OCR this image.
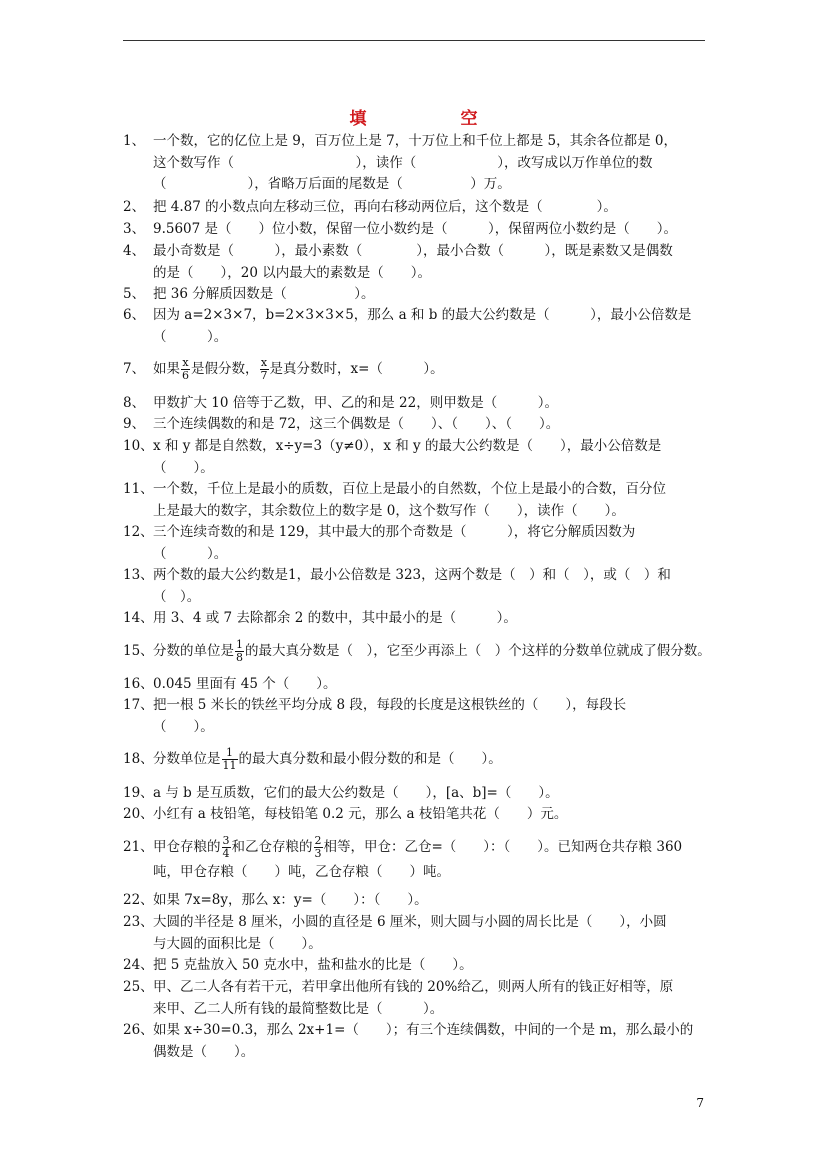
填 空
1、 一个数，它的亿位上是 9，百万位上是 7，十万位上和千位上都是 5，其余各位都是 0，
这个数写作（　　　　　　　　　），读作（　　　　　　），改写成以万作单位的数
（　　　　　　），省略万后面的尾数是（　　　　　）万。
2、 把 4.87 的小数点向左移动三位，再向右移动两位后，这个数是（　　　　）。
3、 9.5607 是（　　）位小数，保留一位小数约是（　　　），保留两位小数约是（　　）。
4、 最小奇数是（　　　），最小素数（　　　　），最小合数（　　　），既是素数又是偶数
的是（　　），20 以内最大的素数是（　　）。
5、 把 36 分解质因数是（　　　　　）。
6、 因为 a=2×3×7，b=2×3×3×5，那么 a 和 b 的最大公约数是（　　　），最小公倍数是
（　　　）。
7、 如果 $\frac{x}{6}$ 是假分数， $\frac{x}{7}$ 是真分数时，x=（　　　）。
8、 甲数扩大 10 倍等于乙数，甲、乙的和是 22，则甲数是（　　　）。
9、 三个连续偶数的和是 72，这三个偶数是（　　）、（　　）、（　　）。
10、x 和 y 都是自然数，x÷y=3（y≠0），x 和 y 的最大公约数是（　　），最小公倍数是
（　　）。
11、一个数，千位上是最小的质数，百位上是最小的自然数，个位上是最小的合数，百分位
上是最大的数字，其余数位上的数字是 0，这个数写作（　　），读作（　　）。
12、三个连续奇数的和是 129，其中最大的那个奇数是（　　　），将它分解质因数为
（　　　）。
13、两个数的最大公约数是1，最小公倍数是 323，这两个数是（　）和（　），或（　）和
（　）。
14、用 3、4 或 7 去除都余 2 的数中，其中最小的是（　　　）。
15、分数的单位是 $\frac{1}{8}$ 的最大真分数是（　），它至少再添上（　）个这样的分数单位就成了假分数。
16、0.045 里面有 45 个（　　）。
17、把一根 5 米长的铁丝平均分成 8 段，每段的长度是这根铁丝的（　　），每段长
（　　）。
18、分数单位是 $\frac{1}{11}$ 的最大真分数和最小假分数的和是（　　）。
19、a 与 b 是互质数，它们的最大公约数是（　　），[a、b]=（　　）。
20、小红有 a 枝铅笔，每枝铅笔 0.2 元，那么 a 枝铅笔共花（　　）元。
21、甲仓存粮的 $\frac{3}{4}$ 和乙仓存粮的 $\frac{2}{3}$ 相等，甲仓：乙仓=（　　）：（　　）。已知两仓共存粮 360
吨，甲仓存粮（　　）吨，乙仓存粮（　　）吨。
22、如果 7x=8y，那么 x：y=（　　）：（　　）。
23、大圆的半径是 8 厘米，小圆的直径是 6 厘米，则大圆与小圆的周长比是（　　），小圆
与大圆的面积比是（　　）。
24、把 5 克盐放入 50 克水中，盐和盐水的比是（　　）。
25、甲、乙二人各有若干元，若甲拿出他所有钱的 20%给乙，则两人所有的钱正好相等，原
来甲、乙二人所有钱的最简整数比是（　　　）。
26、如果 x÷30=0.3，那么 2x+1=（　　）；有三个连续偶数，中间的一个是 m，那么最小的
偶数是（　　）。
7
